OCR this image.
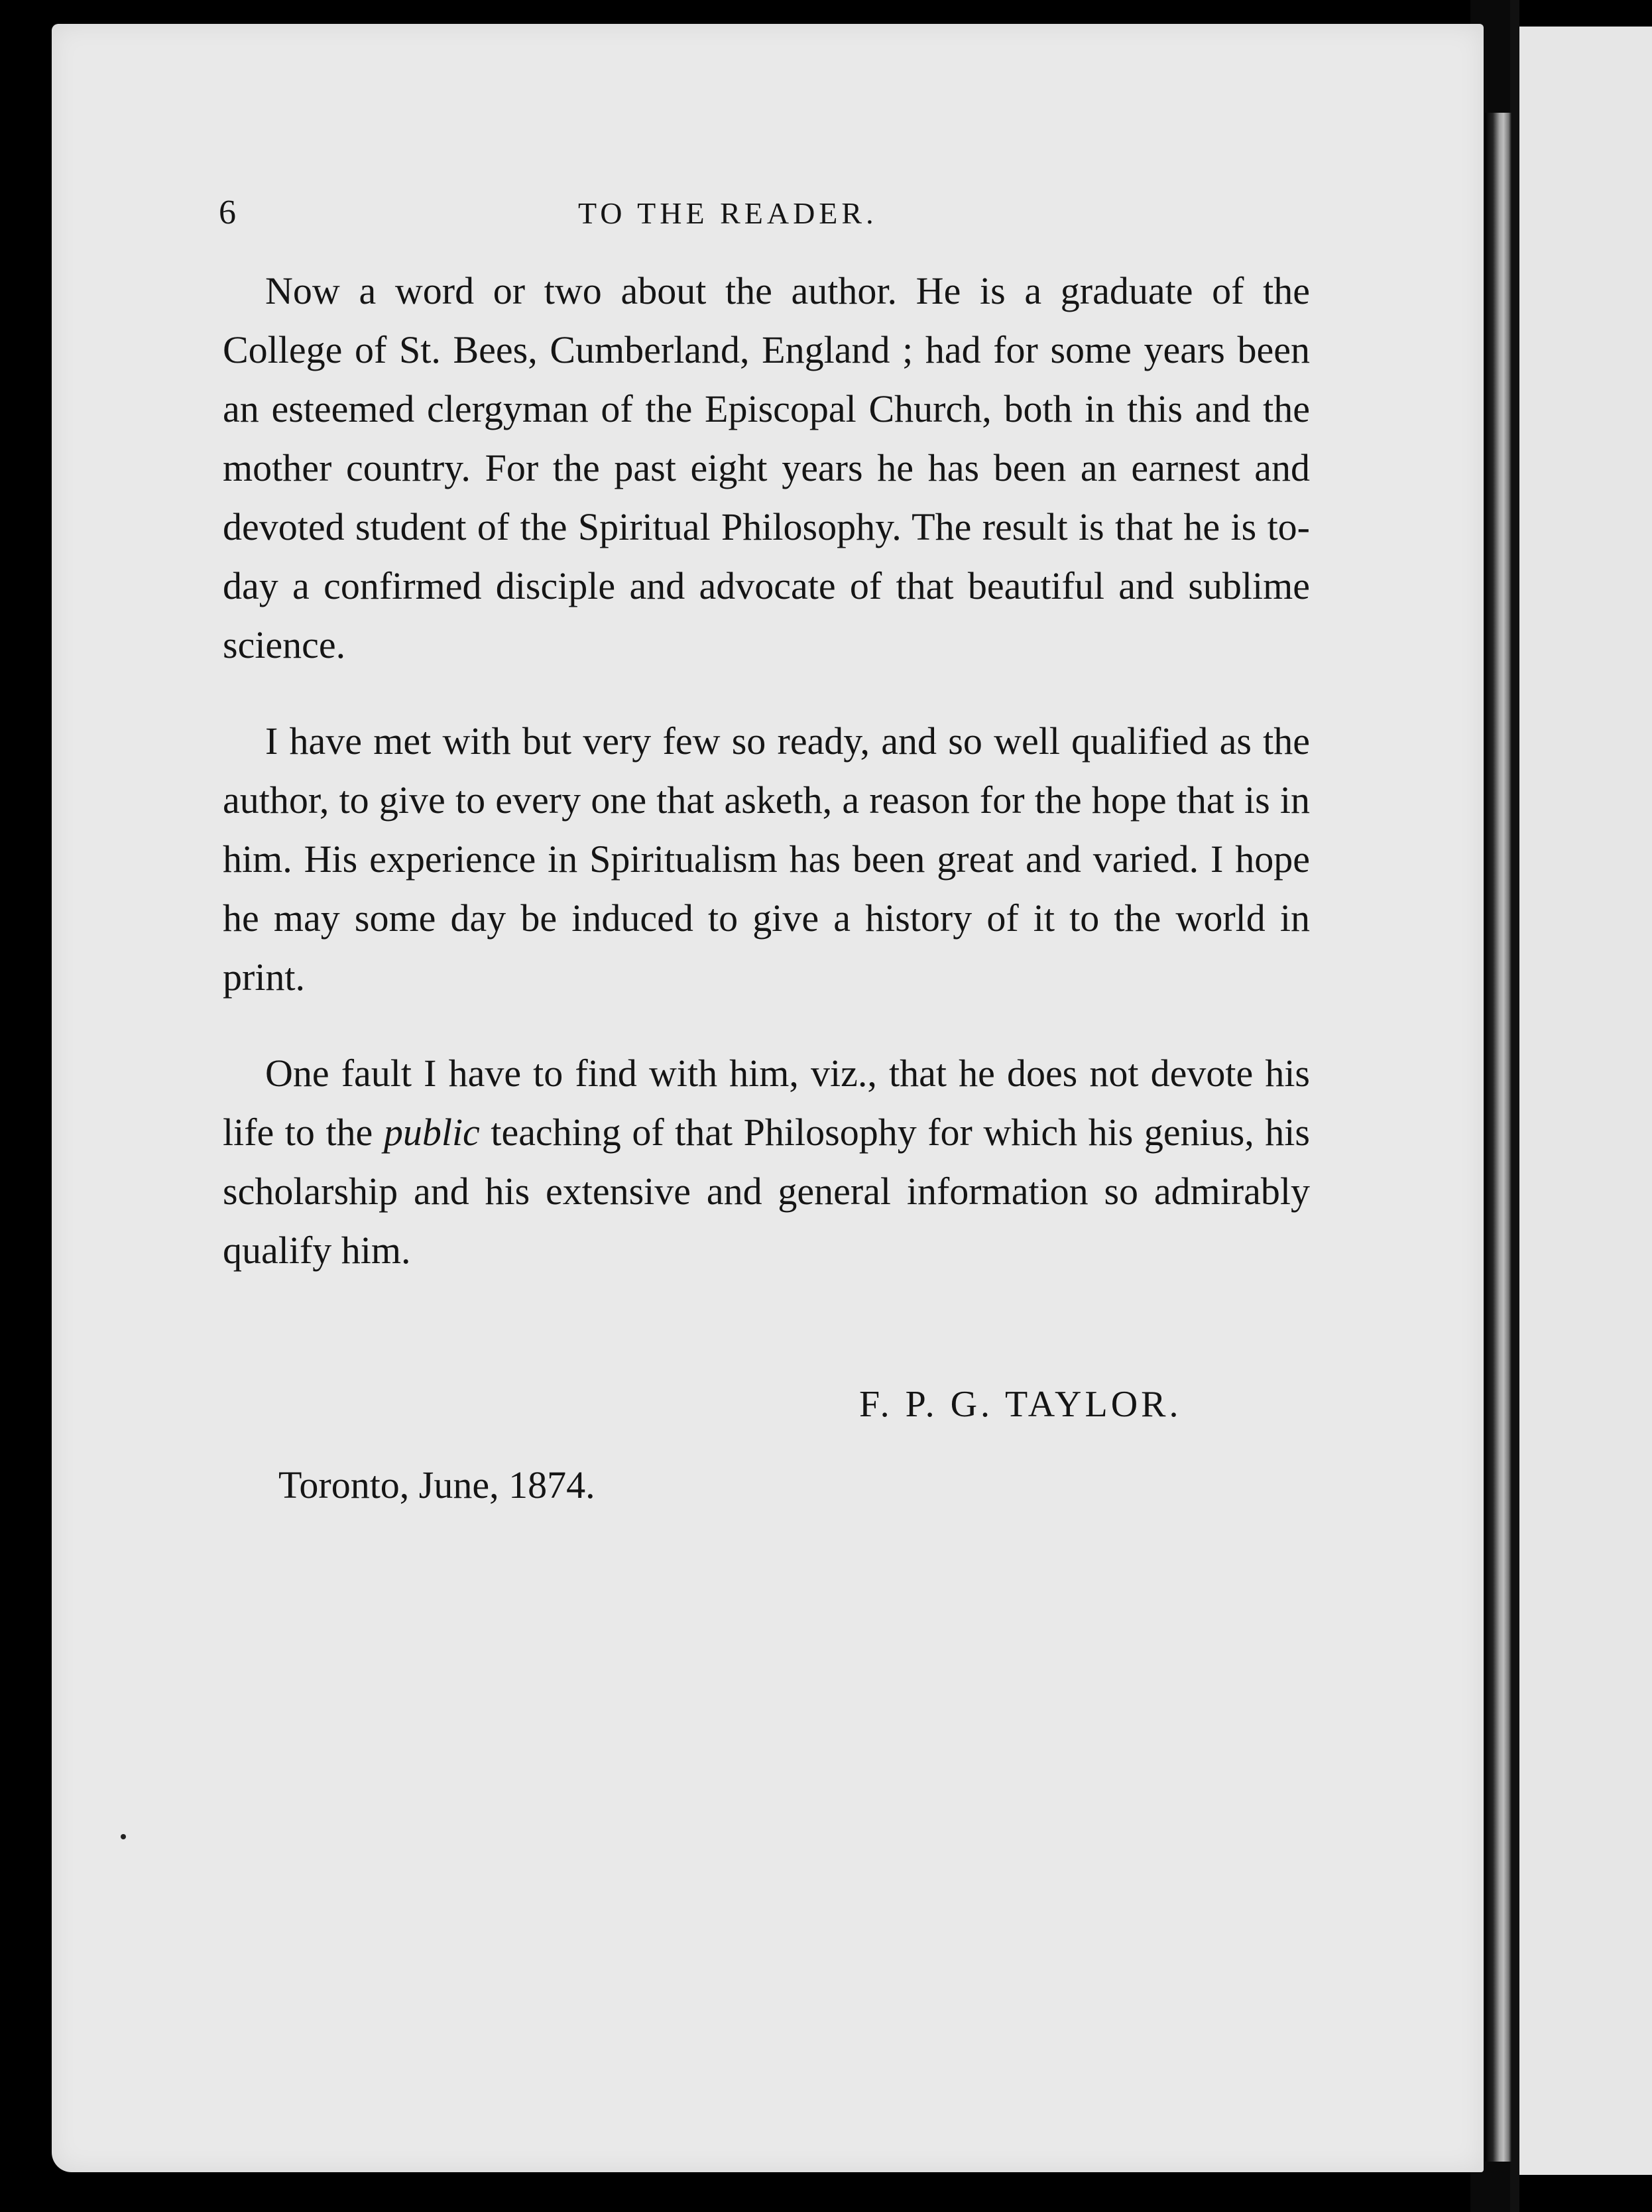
6	TO THE READER.

Now a word or two about the author. He is a graduate of the College of St. Bees, Cumberland, England ; had for some years been an esteemed clergyman of the Episcopal Church, both in this and the mother country. For the past eight years he has been an earnest and devoted student of the Spiritual Philosophy. The result is that he is to-day a confirmed disciple and advocate of that beautiful and sublime science.

I have met with but very few so ready, and so well qualified as the author, to give to every one that asketh, a reason for the hope that is in him. His experience in Spiritualism has been great and varied. I hope he may some day be induced to give a history of it to the world in print.

One fault I have to find with him, viz., that he does not devote his life to the public teaching of that Philosophy for which his genius, his scholarship and his extensive and general information so admirably qualify him.

F. P. G. TAYLOR.
Toronto, June, 1874.
